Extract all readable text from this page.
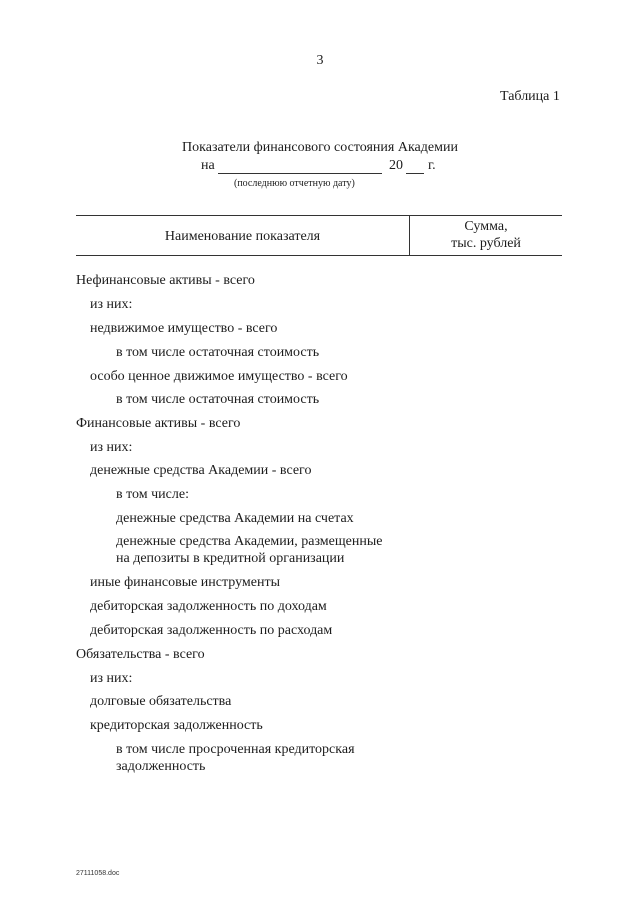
3
Таблица 1
Показатели финансового состояния Академии
на	20 г.
(последнюю отчетную дату)
Наименование показателя
Сумма,
тыс. рублей
Нефинансовые активы - всего
из них:
недвижимое имущество - всего
в том числе остаточная стоимость
особо ценное движимое имущество - всего
в том числе остаточная стоимость
Финансовые активы - всего
из них:
денежные средства Академии - всего
в том числе:
денежные средства Академии на счетах
денежные средства Академии, размещенные
на депозиты в кредитной организации
иные финансовые инструменты
дебиторская задолженность по доходам
дебиторская задолженность по расходам
Обязательства - всего
из них:
долговые обязательства
кредиторская задолженность
в том числе просроченная кредиторская
задолженность
27111058.doc
